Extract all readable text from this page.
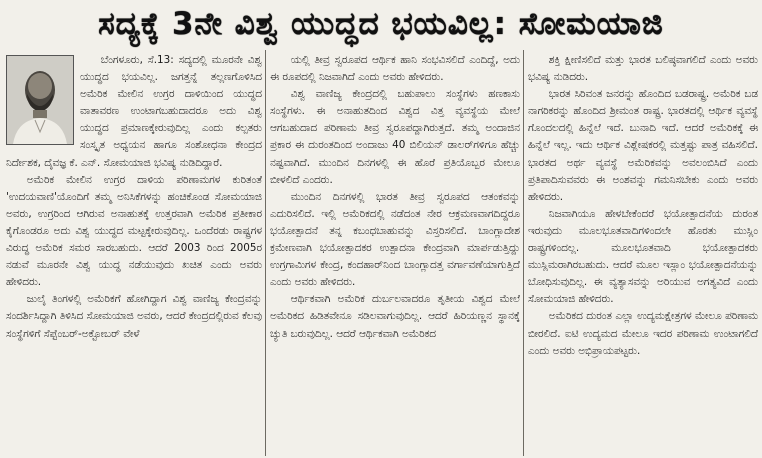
ಸದ್ಯಕ್ಕೆ 3ನೇ ವಿಶ್ವ ಯುದ್ಧದ ಭಯವಿಲ್ಲ: ಸೋಮಯಾಜಿ

ಬೆಂಗಳೂರು, ಸೆ.13: ಸದ್ಯದಲ್ಲಿ ಮೂರನೇ ವಿಶ್ವ ಯುದ್ಧದ ಭಯವಿಲ್ಲ. ಜಗತ್ತನ್ನೆ ತಲ್ಲಣಗೊಳಿಸಿದ ಅಮೆರಿಕ ಮೇಲಿನ ಉಗ್ರರ ದಾಳಿಯಿಂದ ಯುದ್ಧದ ವಾತಾವರಣ ಉಂಟಾಗಬಹುದಾದರೂ ಅದು ವಿಶ್ವ ಯುದ್ಧದ ಪ್ರಮಾಣಕ್ಕೇರುವುದಿಲ್ಲ ಎಂದು ಕಲ್ಪತರು ಸಂಸ್ಕೃತ ಅಧ್ಯಯನ ಹಾಗೂ ಸಂಶೋಧನಾ ಕೇಂದ್ರದ ನಿರ್ದೇಶಕ, ದೈವಜ್ಞ ಕೆ. ಎನ್. ಸೋಮಯಾಜಿ ಭವಿಷ್ಯ ನುಡಿದಿದ್ದಾರೆ.

ಅಮೆರಿಕ ಮೇಲಿನ ಉಗ್ರರ ದಾಳಿಯ ಪರಿಣಾಮಗಳ ಕುರಿತಂತೆ 'ಉದಯವಾಣಿ'ಯೊಂದಿಗೆ ತಮ್ಮ ಅನಿಸಿಕೆಗಳನ್ನು ಹಂಚಿಕೊಂಡ ಸೋಮಯಾಜಿ ಅವರು, ಉಗ್ರರಿಂದ ಆಗಿರುವ ಅನಾಹುತಕ್ಕೆ ಉತ್ತರವಾಗಿ ಅಮೆರಿಕ ಪ್ರತೀಕಾರ ಕೈಗೊಂಡರೂ ಅದು ವಿಶ್ವ ಯುದ್ಧದ ಮಟ್ಟಕ್ಕೇರುವುದಿಲ್ಲ. ಒಂದೆರಡು ರಾಷ್ಟ್ರಗಳ ವಿರುದ್ಧ ಅಮೆರಿಕ ಸಮರ ಸಾರಬಹುದು. ಆದರೆ 2003 ರಿಂದ 2005ರ ನಡುವೆ ಮೂರನೇ ವಿಶ್ವ ಯುದ್ಧ ನಡೆಯುವುದು ಖಚಿತ ಎಂದು ಅವರು ಹೇಳಿದರು.

ಜುಲೈ ತಿಂಗಳಲ್ಲಿ ಅಮೆರಿಕಗೆ ಹೋಗಿದ್ದಾಗ ವಿಶ್ವ ವಾಣಿಜ್ಯ ಕೇಂದ್ರವನ್ನು ಸಂದರ್ಶಿಸಿದ್ದಾಗಿ ತಿಳಿಸಿದ ಸೋಮಯಾಜಿ ಅವರು, ಆದರೆ ಕೇಂದ್ರದಲ್ಲಿರುವ ಕೆಲವು ಸಂಸ್ಥೆಗಳಿಗೆ ಸೆಪ್ಟೆಂಬರ್-ಅಕ್ಟೋಬರ್ ವೇಳೆ

ಯಲ್ಲಿ ತೀವ್ರ ಸ್ವರೂಪದ ಆರ್ಥಿಕ ಹಾನಿ ಸಂಭವಿಸಲಿದೆ ಎಂದಿದ್ದೆ, ಅದು ಈ ರೂಪದಲ್ಲಿ ನಿಜವಾಗಿದೆ ಎಂದು ಅವರು ಹೇಳಿದರು.

ವಿಶ್ವ ವಾಣಿಜ್ಯ ಕೇಂದ್ರದಲ್ಲಿ ಬಹುಪಾಲು ಸಂಸ್ಥೆಗಳು ಹಣಕಾಸು ಸಂಸ್ಥೆಗಳು. ಈ ಅನಾಹುತದಿಂದ ವಿಶ್ವದ ವಿತ್ತ ವ್ಯವಸ್ಥೆಯ ಮೇಲೆ ಆಗಬಹುದಾದ ಪರಿಣಾಮ ತೀವ್ರ ಸ್ವರೂಪದ್ದಾಗಿರುತ್ತದೆ. ತಮ್ಮ ಅಂದಾಜಿನ ಪ್ರಕಾರ ಈ ದುರಂತದಿಂದ ಅಂದಾಜು 40 ಬಿಲಿಯನ್ ಡಾಲರ್‌ಗಳಿಗೂ ಹೆಚ್ಚು ನಷ್ಟವಾಗಿದೆ. ಮುಂದಿನ ದಿನಗಳಲ್ಲಿ ಈ ಹೊರೆ ಪ್ರತಿಯೊಬ್ಬರ ಮೇಲೂ ಬೀಳಲಿದೆ ಎಂದರು.

ಮುಂದಿನ ದಿನಗಳಲ್ಲಿ ಭಾರತ ತೀವ್ರ ಸ್ವರೂಪದ ಆತಂಕವನ್ನು ಎದುರಿಸಲಿದೆ. ಇಲ್ಲಿ ಅಮೆರಿಕದಲ್ಲಿ ನಡೆದಂತ ನೇರ ಆಕ್ರಮಣವಾಗದಿದ್ದರೂ ಭಯೋತ್ಪಾದನೆ ತನ್ನ ಕಬಂಧಬಾಹುವನ್ನು ವಿಸ್ತರಿಸಲಿದೆ. ಬಾಂಗ್ಲಾದೇಶ ಕ್ರಮೇಣವಾಗಿ ಭಯೋತ್ಪಾದಕರ ಉತ್ಪಾದನಾ ಕೇಂದ್ರವಾಗಿ ಮಾರ್ಪಡುತ್ತಿದ್ದು ಉಗ್ರಗಾಮಿಗಳ ಕೇಂದ್ರ, ಕಂದಹಾರ್‌ನಿಂದ ಬಾಂಗ್ಲಾದತ್ತ ವರ್ಗಾವಣೆಯಾಗುತ್ತಿದೆ ಎಂದು ಅವರು ಹೇಳಿದರು.

ಆರ್ಥಿಕವಾಗಿ ಅಮೆರಿಕ ದುರ್ಬಲವಾದರೂ ತೃತೀಯ ವಿಶ್ವದ ಮೇಲೆ ಅಮೆರಿಕದ ಹಿಡಿತವೇನೂ ಸಡಿಲವಾಗುವುದಿಲ್ಲ. ಆದರೆ ಹಿರಿಯಣ್ಣನ ಸ್ಥಾನಕ್ಕೆ ಚ್ಯುತಿ ಬರುವುದಿಲ್ಲ. ಆದರೆ ಆರ್ಥಿಕವಾಗಿ ಅಮೆರಿಕದ

ಶಕ್ತಿ ಕ್ಷೀಣಿಸಲಿದೆ ಮತ್ತು ಭಾರತ ಬಲಿಷ್ಠವಾಗಲಿದೆ ಎಂದು ಅವರು ಭವಿಷ್ಯ ನುಡಿದರು.

ಭಾರತ ಸಿರಿವಂತ ಜನರನ್ನು ಹೊಂದಿದ ಬಡರಾಷ್ಟ್ರ. ಅಮೆರಿಕ ಬಡ ನಾಗರಿಕರನ್ನು ಹೊಂದಿದ ಶ್ರೀಮಂತ ರಾಷ್ಟ್ರ. ಭಾರತದಲ್ಲಿ ಆರ್ಥಿಕ ವ್ಯವಸ್ಥೆ ಗೊಂದಲದಲ್ಲಿ ಹಿನ್ನೆಲೆ ಇದೆ. ಬುನಾದಿ ಇದೆ. ಆದರೆ ಅಮೆರಿಕಕ್ಕೆ ಈ ಹಿನ್ನೆಲೆ ಇಲ್ಲ. ಇದು ಆರ್ಥಿಕ ವಿಶ್ಲೇಷಕರಲ್ಲಿ ಮತ್ತಷ್ಟು ಪಾತ್ರ ವಹಿಸಲಿದೆ. ಭಾರತದ ಅರ್ಥ ವ್ಯವಸ್ಥೆ ಅಮೆರಿಕವನ್ನು ಅವಲಂಬಿಸಿದೆ ಎಂದು ಪ್ರತಿಪಾದಿಸುವವರು ಈ ಅಂಶವನ್ನು ಗಮನಿಸಬೇಕು ಎಂದು ಅವರು ಹೇಳಿದರು.

ನಿಜವಾಗಿಯೂ ಹೇಳಬೇಕೆಂದರೆ ಭಯೋತ್ಪಾದನೆಯ ದುರಂತ ಇರುವುದು ಮೂಲಭೂತವಾದಿಗಳಿಂದಲೇ ಹೊರತು ಮುಸ್ಲಿಂ ರಾಷ್ಟ್ರಗಳಿಂದಲ್ಲ. ಮೂಲಭೂತವಾದಿ ಭಯೋತ್ಪಾದಕರು ಮುಸ್ಲಿಮರಾಗಿರಬಹುದು. ಆದರೆ ಮೂಲ ಇಸ್ಲಾಂ ಭಯೋತ್ಪಾದನೆಯನ್ನು ಬೋಧಿಸುವುದಿಲ್ಲ. ಈ ವ್ಯತ್ಯಾಸವನ್ನು ಅರಿಯುವ ಅಗತ್ಯವಿದೆ ಎಂದು ಸೋಮಯಾಜಿ ಹೇಳಿದರು.

ಅಮೆರಿಕದ ದುರಂತ ಎಲ್ಲಾ ಉದ್ಯಮಕ್ಷೇತ್ರಗಳ ಮೇಲೂ ಪರಿಣಾಮ ಬೀರಲಿದೆ. ಐಟಿ ಉದ್ಯಮದ ಮೇಲೂ ಇದರ ಪರಿಣಾಮ ಉಂಟಾಗಲಿದೆ ಎಂದು ಅವರು ಅಭಿಪ್ರಾಯಪಟ್ಟರು.
